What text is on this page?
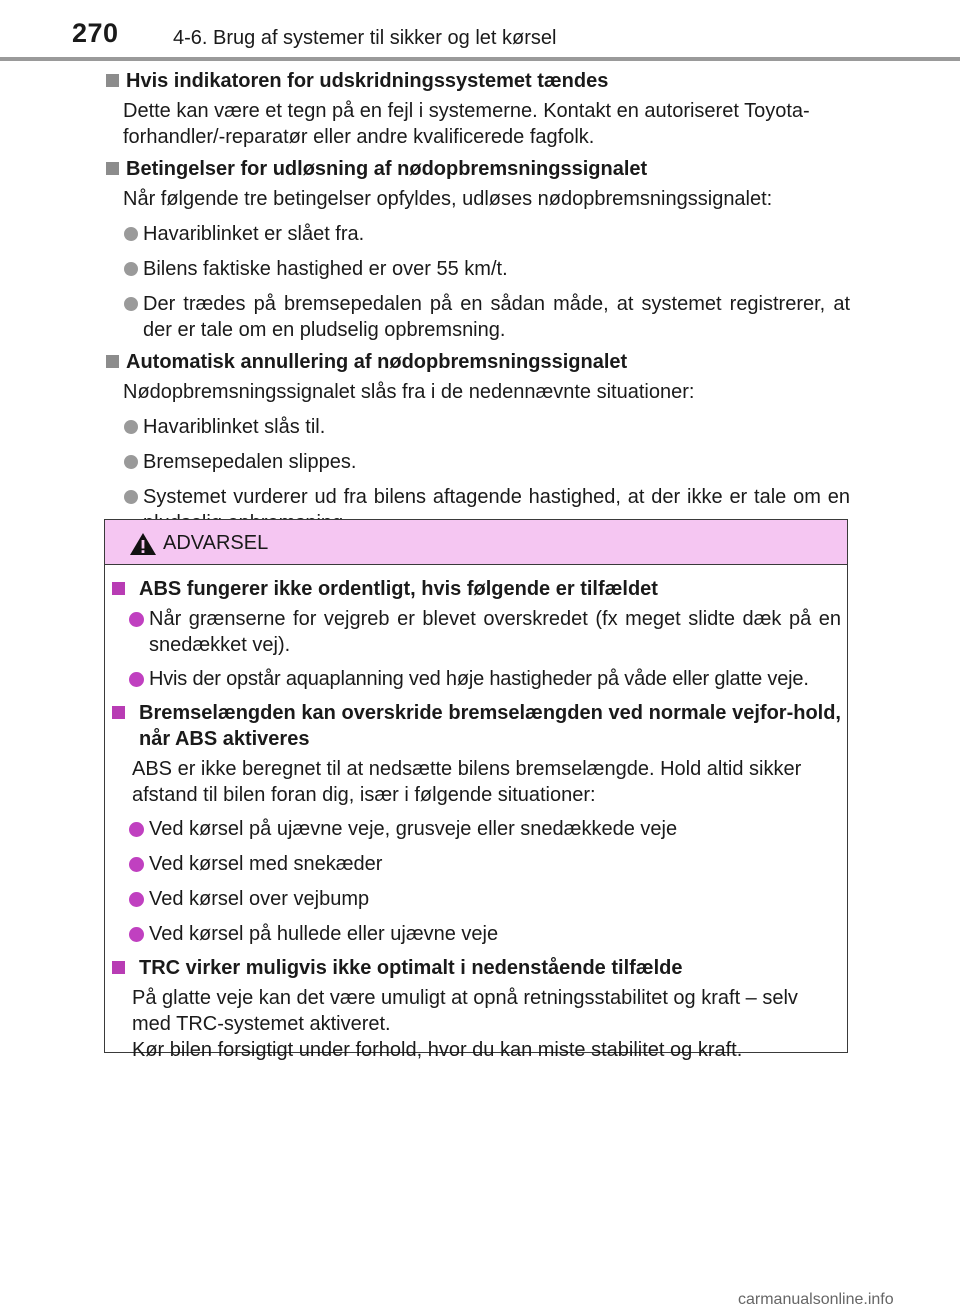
270	4-6. Brug af systemer til sikker og let kørsel
Hvis indikatoren for udskridningssystemet tændes
Dette kan være et tegn på en fejl i systemerne. Kontakt en autoriseret Toyota-forhandler/-reparatør eller andre kvalificerede fagfolk.
Betingelser for udløsning af nødopbremsningssignalet
Når følgende tre betingelser opfyldes, udløses nødopbremsningssignalet:
Havariblinket er slået fra.
Bilens faktiske hastighed er over 55 km/t.
Der trædes på bremsepedalen på en sådan måde, at systemet registrerer, at der er tale om en pludselig opbremsning.
Automatisk annullering af nødopbremsningssignalet
Nødopbremsningssignalet slås fra i de nedennævnte situationer:
Havariblinket slås til.
Bremsepedalen slippes.
Systemet vurderer ud fra bilens aftagende hastighed, at der ikke er tale om en
ADVARSEL
ABS fungerer ikke ordentligt, hvis følgende er tilfældet
Når grænserne for vejgreb er blevet overskredet (fx meget slidte dæk på en snedækket vej).
Hvis der opstår aquaplanning ved høje hastigheder på våde eller glatte veje.
Bremselængden kan overskride bremselængden ved normale vejfor-hold, når ABS aktiveres
ABS er ikke beregnet til at nedsætte bilens bremselængde. Hold altid sikker afstand til bilen foran dig, især i følgende situationer:
Ved kørsel på ujævne veje, grusveje eller snedækkede veje
Ved kørsel med snekæder
Ved kørsel over vejbump
Ved kørsel på hullede eller ujævne veje
TRC virker muligvis ikke optimalt i nedenstående tilfælde
På glatte veje kan det være umuligt at opnå retningsstabilitet og kraft – selv med TRC-systemet aktiveret.
Kør bilen forsigtigt under forhold, hvor du kan miste stabilitet og kraft.
carmanualsonline.info
